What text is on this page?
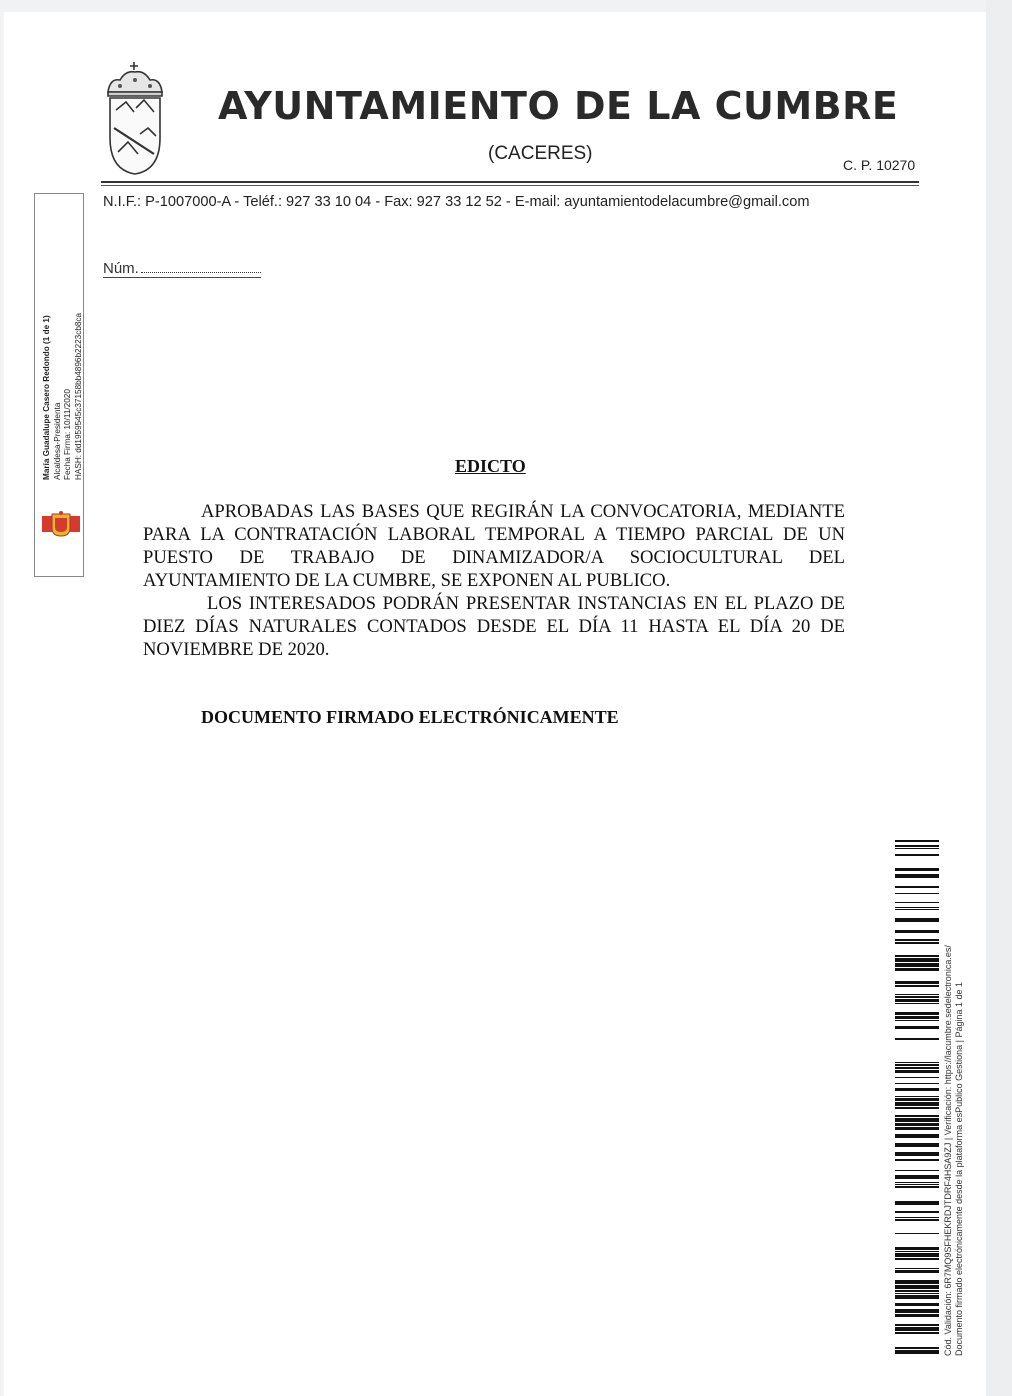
AYUNTAMIENTO DE LA CUMBRE
(CACERES)
C. P. 10270
N.I.F.: P-1007000-A - Teléf.: 927 33 10 04 - Fax: 927 33 12 52 - E-mail: ayuntamientodelacumbre@gmail.com
Núm.
María Guadalupe Casero Redondo (1 de 1) Alcaldesa-Presidenta Fecha Firma: 10/11/2020 HASH: dd1959545c37158bb4896b2223cb8ca	EDICTO

APROBADAS LAS BASES QUE REGIRÁN LA CONVOCATORIA, MEDIANTE PARA LA CONTRATACIÓN LABORAL TEMPORAL A TIEMPO PARCIAL DE UN PUESTO DE TRABAJO DE DINAMIZADOR/A SOCIOCULTURAL DEL AYUNTAMIENTO DE LA CUMBRE, SE EXPONEN AL PUBLICO.

LOS INTERESADOS PODRÁN PRESENTAR INSTANCIAS EN EL PLAZO DE DIEZ DÍAS NATURALES CONTADOS DESDE EL DÍA 11 HASTA EL DÍA 20 DE NOVIEMBRE DE 2020.

DOCUMENTO FIRMADO ELECTRÓNICAMENTE
Cód. Validación: 6R7MQ9SFHEKRDJTDRF4HSA9ZJ | Verificación: https://lacumbre.sedelectronica.es/ Documento firmado electrónicamente desde la plataforma esPublico Gestiona | Página 1 de 1
